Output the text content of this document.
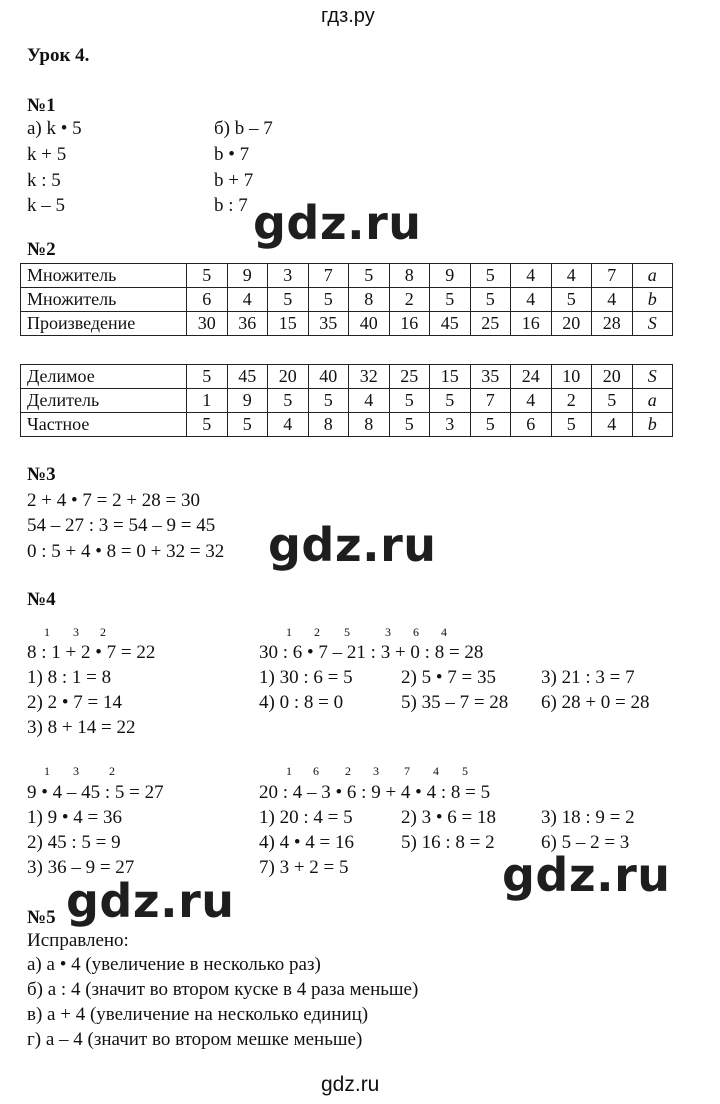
гдз.ру
Урок 4.
№1
а) k • 5
k + 5
k : 5
k – 5
б) b – 7
b • 7
b + 7
b : 7
№2
Множитель	5	9	3	7	5	8	9	5	4	4	7	a
Множитель	6	4	5	5	8	2	5	5	4	5	4	b
Произведение	30	36	15	35	40	16	45	25	16	20	28	S
Делимое	5	45	20	40	32	25	15	35	24	10	20	S
Делитель	1	9	5	5	4	5	5	7	4	2	5	a
Частное	5	5	4	8	8	5	3	5	6	5	4	b
№3
2 + 4 • 7 = 2 + 28 = 30
54 – 27 : 3 = 54 – 9 = 45
0 : 5 + 4 • 8 = 0 + 32 = 32
№4
1 3 2
8 : 1 + 2 • 7 = 22
1) 8 : 1 = 8
2) 2 • 7 = 14
3) 8 + 14 = 22
1 2 5	3 6 4
30 : 6 • 7 – 21 : 3 + 0 : 8 = 28
1) 30 : 6 = 5	2) 5 • 7 = 35 3) 21 : 3 = 7
4) 0 : 8 = 0	5) 35 – 7 = 28 6) 28 + 0 = 28
1 3	2
9 • 4 – 45 : 5 = 27
1) 9 • 4 = 36
2) 45 : 5 = 9
3) 36 – 9 = 27
1 6 2 3 7 4 5
20 : 4 – 3 • 6 : 9 + 4 • 4 : 8 = 5
1) 20 : 4 = 5	2) 3 • 6 = 18 3) 18 : 9 = 2
4) 4 • 4 = 16 5) 16 : 8 = 2 6) 5 – 2 = 3
7) 3 + 2 = 5
№5
Исправлено:
а) a • 4 (увеличение в несколько раз)
б) a : 4 (значит во втором куске в 4 раза меньше)
в) a + 4 (увеличение на несколько единиц)
г) a – 4 (значит во втором мешке меньше)
gdz.ru
gdz.ru
gdz.ru
gdz.ru
gdz.ru
